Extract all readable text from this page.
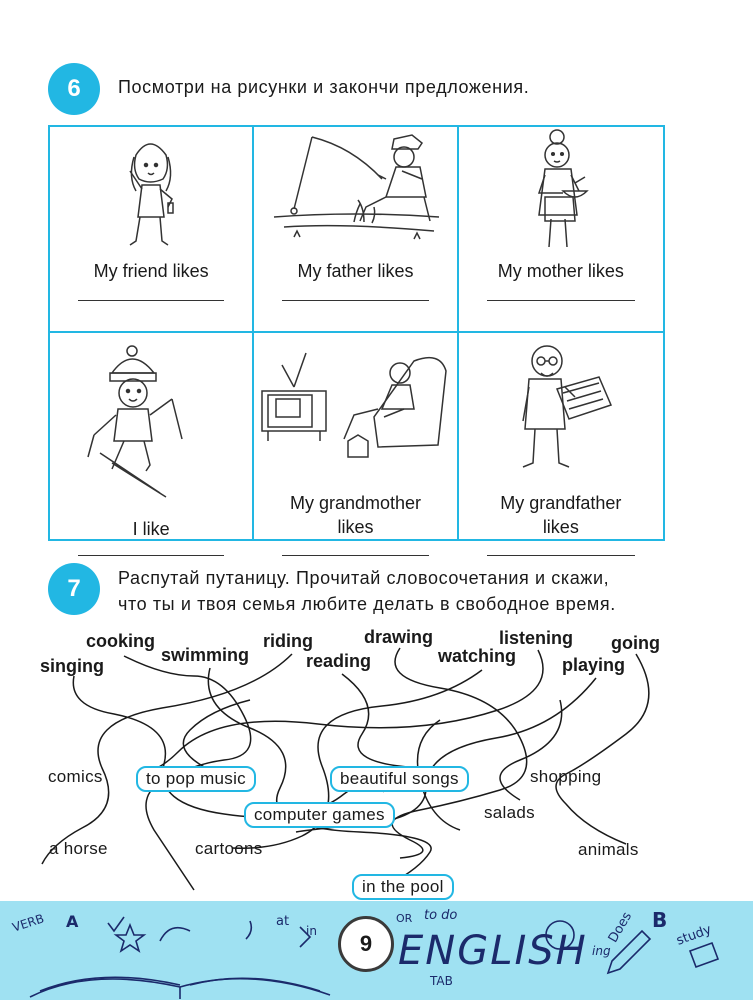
6 Посмотри на рисунки и закончи предложения.
My friend likes	My father likes	My mother likes
I like
My grandmother
likes
My grandfather
likes
7 Распутай путаницу. Прочитай словосочетания и скажи,
что ты и твоя семья любите делать в свободное время.
cooking
singing
swimming
riding
reading
drawing
watching
listening
playing
going
comics	to pop music	beautiful songs	shopping
computer games	salads
a horse	cartoons	animals
in the pool
VERB A	at
in
OR to do
ENGLISH
TAB
ing
Does B
study
9
